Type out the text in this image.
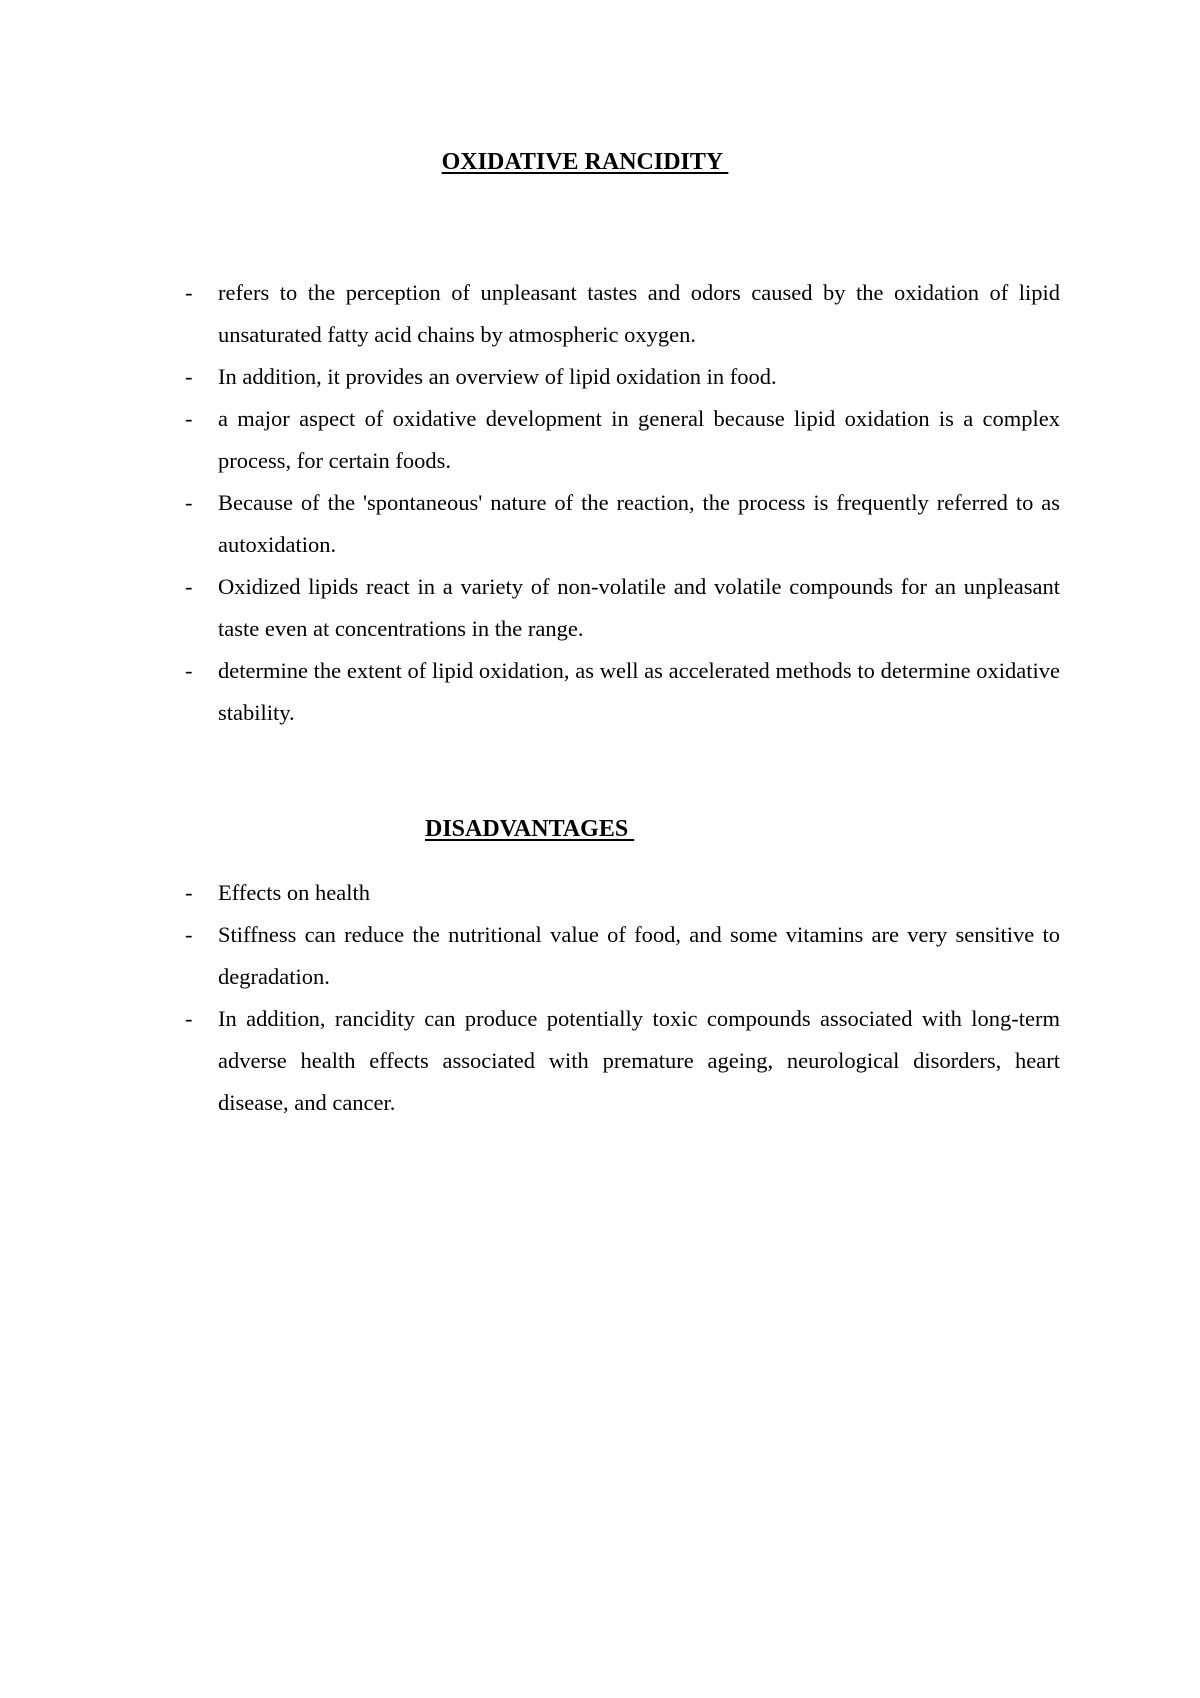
OXIDATIVE RANCIDITY
- refers to the perception of unpleasant tastes and odors caused by the oxidation of lipid unsaturated fatty acid chains by atmospheric oxygen.
- In addition, it provides an overview of lipid oxidation in food.
- a major aspect of oxidative development in general because lipid oxidation is a complex process, for certain foods.
- Because of the 'spontaneous' nature of the reaction, the process is frequently referred to as autoxidation.
- Oxidized lipids react in a variety of non-volatile and volatile compounds for an unpleasant taste even at concentrations in the range.
- determine the extent of lipid oxidation, as well as accelerated methods to determine oxidative stability.
DISADVANTAGES
- Effects on health
- Stiffness can reduce the nutritional value of food, and some vitamins are very sensitive to degradation.
- In addition, rancidity can produce potentially toxic compounds associated with long-term adverse health effects associated with premature ageing, neurological disorders, heart disease, and cancer.
